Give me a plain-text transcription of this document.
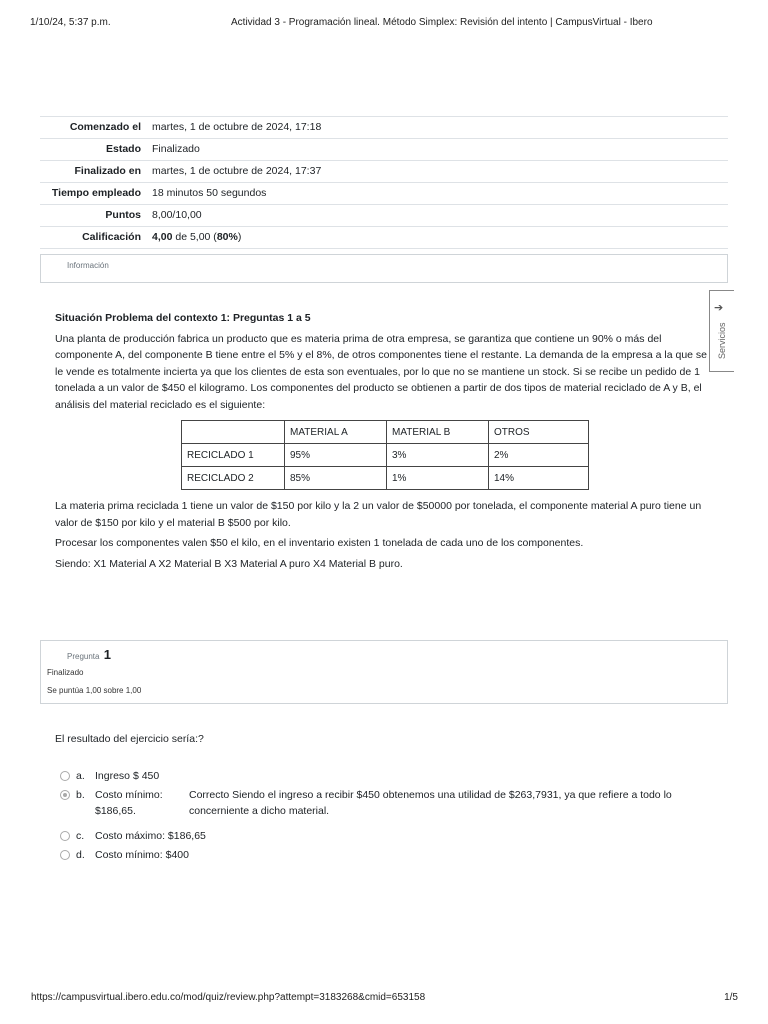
1/10/24, 5:37 p.m.	Actividad 3 - Programación lineal. Método Simplex: Revisión del intento | CampusVirtual - Ibero
Comenzado el	martes, 1 de octubre de 2024, 17:18
Estado	Finalizado
Finalizado en	martes, 1 de octubre de 2024, 17:37
Tiempo empleado	18 minutos 50 segundos
Puntos	8,00/10,00
Calificación	4,00 de 5,00 (80%)
Información
➔
Servicios
Situación Problema del contexto 1: Preguntas 1 a 5

Una planta de producción fabrica un producto que es materia prima de otra empresa, se garantiza que contiene un 90% o más del componente A, del componente B tiene entre el 5% y el 8%, de otros componentes tiene el restante. La demanda de la empresa a la que se le vende es totalmente incierta ya que los clientes de esta son eventuales, por lo que no se mantiene un stock. Si se recibe un pedido de 1 tonelada a un valor de $450 el kilogramo. Los componentes del producto se obtienen a partir de dos tipos de material reciclado de A y B, el análisis del material reciclado es el siguiente:

	MATERIAL A	MATERIAL B	OTROS
RECICLADO 1	95%	3%	2%
RECICLADO 2	85%	1%	14%

La materia prima reciclada 1 tiene un valor de $150 por kilo y la 2 un valor de $50000 por tonelada, el componente material A puro tiene un valor de $150 por kilo y el material B $500 por kilo.

Procesar los componentes valen $50 el kilo, en el inventario existen 1 tonelada de cada uno de los componentes.

Siendo: X1 Material A X2 Material B X3 Material A puro X4 Material B puro.

Pregunta 1
Finalizado
Se puntúa 1,00 sobre 1,00
El resultado del ejercicio sería:?
a. Ingreso $ 450
b. Costo mínimo: $186,65.
Correcto Siendo el ingreso a recibir $450 obtenemos una utilidad de $263,7931, ya que refiere a todo lo concerniente a dicho material.
c. Costo máximo: $186,65
d. Costo mínimo: $400
https://campusvirtual.ibero.edu.co/mod/quiz/review.php?attempt=3183268&cmid=653158	1/5
